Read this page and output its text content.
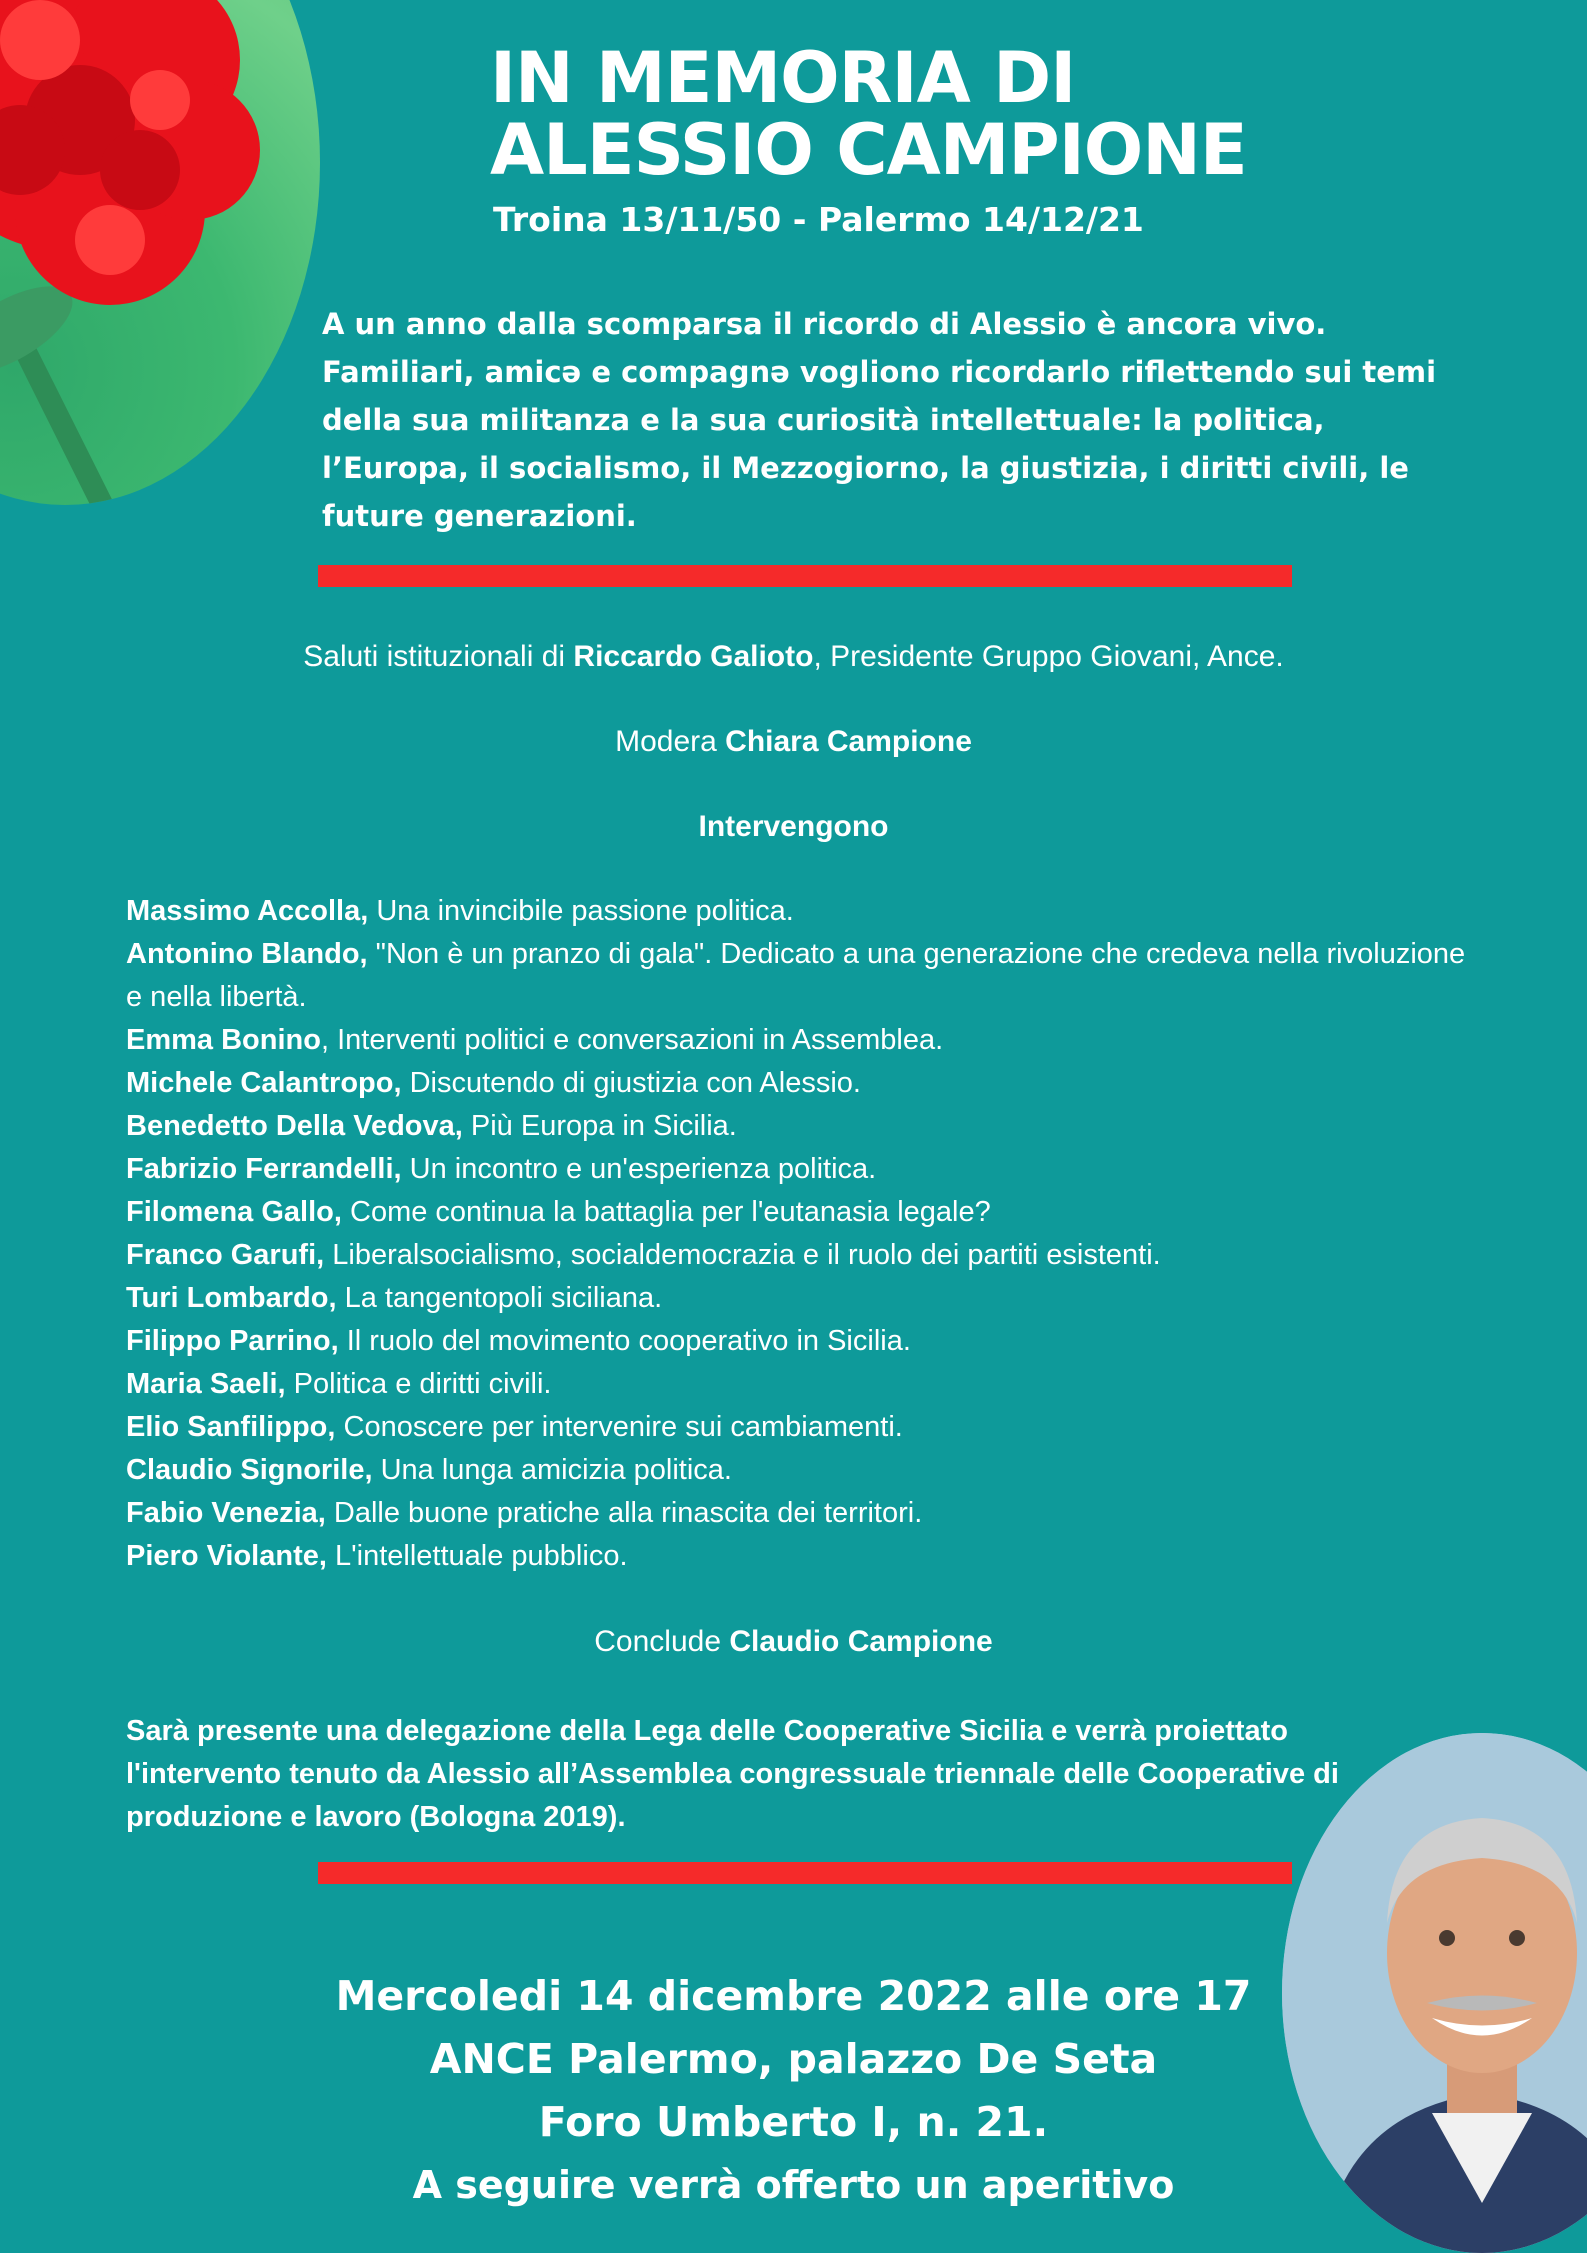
IN MEMORIA DI
ALESSIO CAMPIONE
Troina 13/11/50 - Palermo 14/12/21
A un anno dalla scomparsa il ricordo di Alessio è ancora vivo. Familiari, amicə e compagnə vogliono ricordarlo riflettendo sui temi della sua militanza e la sua curiosità intellettuale: la politica, l’Europa, il socialismo, il Mezzogiorno, la giustizia, i diritti civili, le future generazioni.
Saluti istituzionali di Riccardo Galioto, Presidente Gruppo Giovani, Ance.
Modera Chiara Campione
Intervengono
Massimo Accolla, Una invincibile passione politica.
Antonino Blando, "Non è un pranzo di gala". Dedicato a una generazione che credeva nella rivoluzione e nella libertà.
Emma Bonino, Interventi politici e conversazioni in Assemblea.
Michele Calantropo, Discutendo di giustizia con Alessio.
Benedetto Della Vedova, Più Europa in Sicilia.
Fabrizio Ferrandelli, Un incontro e un'esperienza politica.
Filomena Gallo, Come continua la battaglia per l'eutanasia legale?
Franco Garufi, Liberalsocialismo, socialdemocrazia e il ruolo dei partiti esistenti.
Turi Lombardo, La tangentopoli siciliana.
Filippo Parrino, Il ruolo del movimento cooperativo in Sicilia.
Maria Saeli, Politica e diritti civili.
Elio Sanfilippo, Conoscere per intervenire sui cambiamenti.
Claudio Signorile, Una lunga amicizia politica.
Fabio Venezia, Dalle buone pratiche alla rinascita dei territori.
Piero Violante, L'intellettuale pubblico.
Conclude Claudio Campione
Sarà presente una delegazione della Lega delle Cooperative Sicilia e verrà proiettato l'intervento tenuto da Alessio all’Assemblea congressuale triennale delle Cooperative di produzione e lavoro (Bologna 2019).
Mercoledi 14 dicembre 2022 alle ore 17
ANCE Palermo, palazzo De Seta
Foro Umberto I, n. 21.
A seguire verrà offerto un aperitivo
